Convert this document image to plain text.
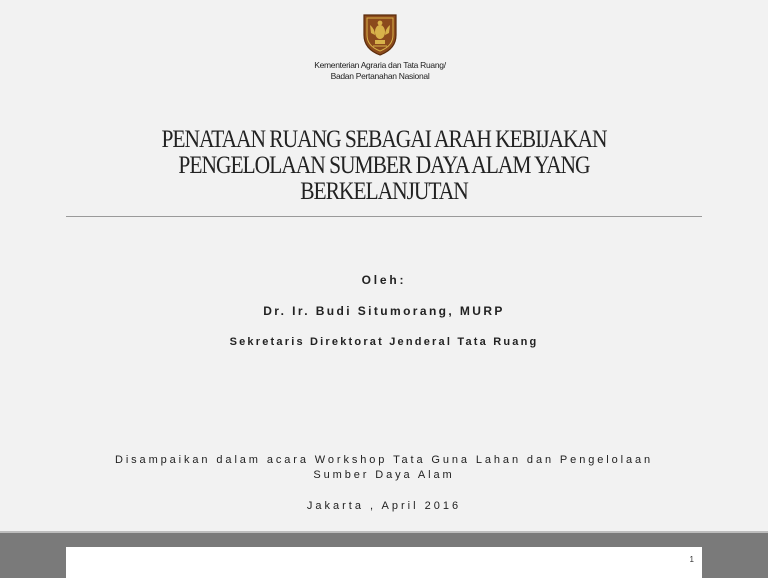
Kementerian Agraria dan Tata Ruang/
Badan Pertanahan Nasional
PENATAAN RUANG SEBAGAI ARAH KEBIJAKAN
PENGELOLAAN SUMBER DAYA ALAM YANG
BERKELANJUTAN
Oleh:
Dr. Ir. Budi Situmorang, MURP
Sekretaris Direktorat Jenderal Tata Ruang
Disampaikan dalam acara Workshop Tata Guna Lahan dan Pengelolaan
Sumber Daya Alam
Jakarta , April 2016
1
